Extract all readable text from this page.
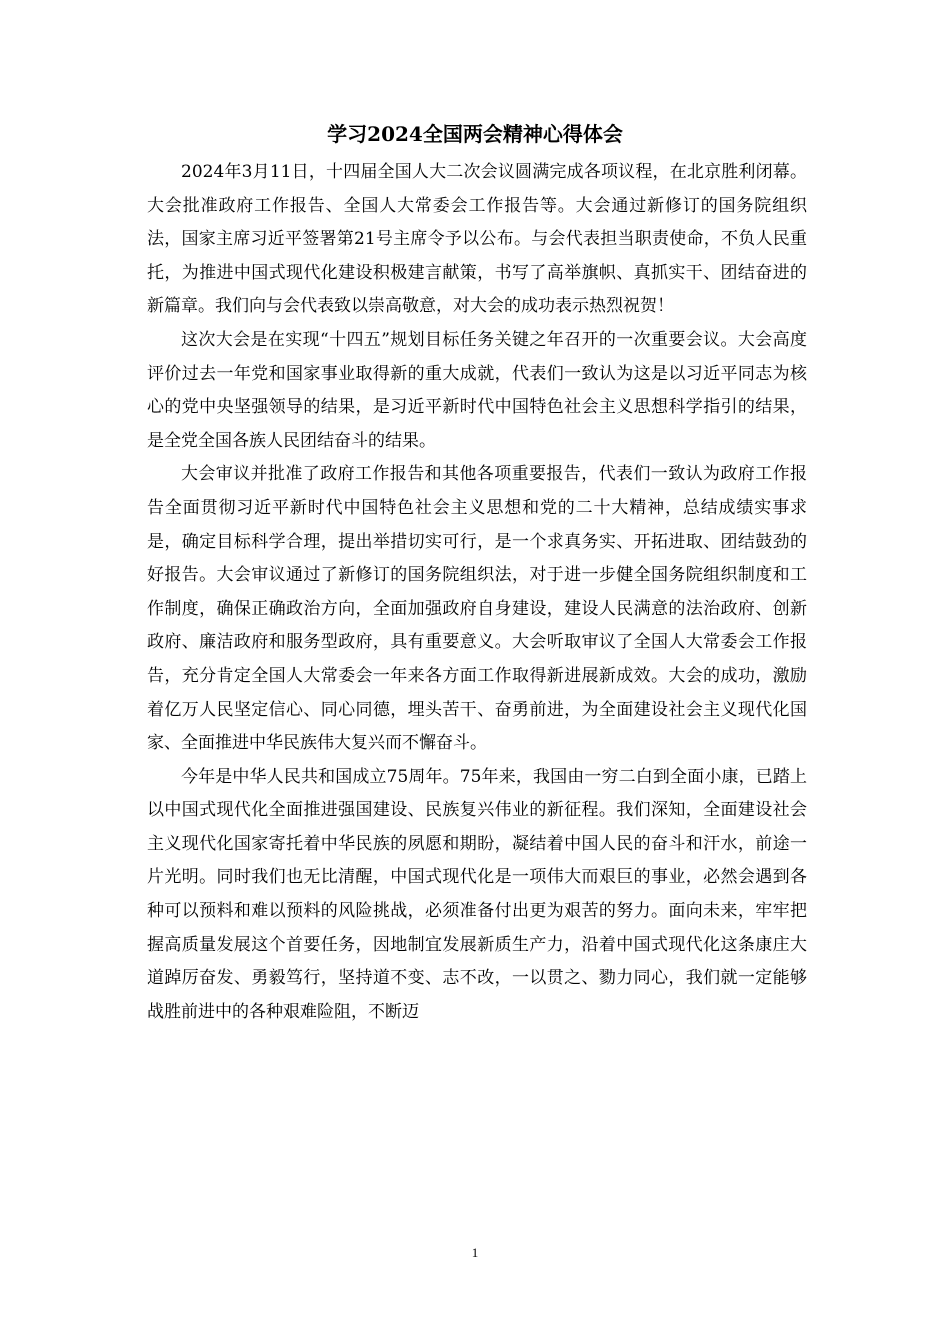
学习2024全国两会精神心得体会

2024年3月11日，十四届全国人大二次会议圆满完成各项议程，在北京胜利闭幕。大会批准政府工作报告、全国人大常委会工作报告等。大会通过新修订的国务院组织法，国家主席习近平签署第21号主席令予以公布。与会代表担当职责使命，不负人民重托，为推进中国式现代化建设积极建言献策，书写了高举旗帜、真抓实干、团结奋进的新篇章。我们向与会代表致以崇高敬意，对大会的成功表示热烈祝贺！

这次大会是在实现“十四五”规划目标任务关键之年召开的一次重要会议。大会高度评价过去一年党和国家事业取得新的重大成就，代表们一致认为这是以习近平同志为核心的党中央坚强领导的结果，是习近平新时代中国特色社会主义思想科学指引的结果，是全党全国各族人民团结奋斗的结果。

大会审议并批准了政府工作报告和其他各项重要报告，代表们一致认为政府工作报告全面贯彻习近平新时代中国特色社会主义思想和党的二十大精神，总结成绩实事求是，确定目标科学合理，提出举措切实可行，是一个求真务实、开拓进取、团结鼓劲的好报告。大会审议通过了新修订的国务院组织法，对于进一步健全国务院组织制度和工作制度，确保正确政治方向，全面加强政府自身建设，建设人民满意的法治政府、创新政府、廉洁政府和服务型政府，具有重要意义。大会听取审议了全国人大常委会工作报告，充分肯定全国人大常委会一年来各方面工作取得新进展新成效。大会的成功，激励着亿万人民坚定信心、同心同德，埋头苦干、奋勇前进，为全面建设社会主义现代化国家、全面推进中华民族伟大复兴而不懈奋斗。

今年是中华人民共和国成立75周年。75年来，我国由一穷二白到全面小康，已踏上以中国式现代化全面推进强国建设、民族复兴伟业的新征程。我们深知，全面建设社会主义现代化国家寄托着中华民族的夙愿和期盼，凝结着中国人民的奋斗和汗水，前途一片光明。同时我们也无比清醒，中国式现代化是一项伟大而艰巨的事业，必然会遇到各种可以预料和难以预料的风险挑战，必须准备付出更为艰苦的努力。面向未来，牢牢把握高质量发展这个首要任务，因地制宜发展新质生产力，沿着中国式现代化这条康庄大道踔厉奋发、勇毅笃行，坚持道不变、志不改，一以贯之、勠力同心，我们就一定能够战胜前进中的各种艰难险阻，不断迈

1
